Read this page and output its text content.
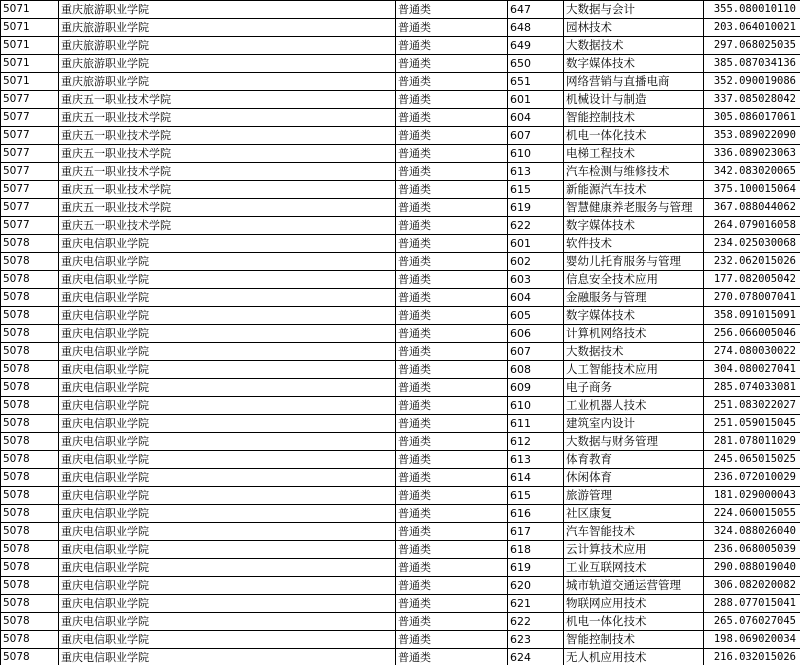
5071	重庆旅游职业学院	普通类	647	大数据与会计	355.080010110
5071	重庆旅游职业学院	普通类	648	园林技术	203.064010021
5071	重庆旅游职业学院	普通类	649	大数据技术	297.068025035
5071	重庆旅游职业学院	普通类	650	数字媒体技术	385.087034136
5071	重庆旅游职业学院	普通类	651	网络营销与直播电商	352.090019086
5077	重庆五一职业技术学院	普通类	601	机械设计与制造	337.085028042
5077	重庆五一职业技术学院	普通类	604	智能控制技术	305.086017061
5077	重庆五一职业技术学院	普通类	607	机电一体化技术	353.089022090
5077	重庆五一职业技术学院	普通类	610	电梯工程技术	336.089023063
5077	重庆五一职业技术学院	普通类	613	汽车检测与维修技术	342.083020065
5077	重庆五一职业技术学院	普通类	615	新能源汽车技术	375.100015064
5077	重庆五一职业技术学院	普通类	619	智慧健康养老服务与管理	367.088044062
5077	重庆五一职业技术学院	普通类	622	数字媒体技术	264.079016058
5078	重庆电信职业学院	普通类	601	软件技术	234.025030068
5078	重庆电信职业学院	普通类	602	婴幼儿托育服务与管理	232.062015026
5078	重庆电信职业学院	普通类	603	信息安全技术应用	177.082005042
5078	重庆电信职业学院	普通类	604	金融服务与管理	270.078007041
5078	重庆电信职业学院	普通类	605	数字媒体技术	358.091015091
5078	重庆电信职业学院	普通类	606	计算机网络技术	256.066005046
5078	重庆电信职业学院	普通类	607	大数据技术	274.080030022
5078	重庆电信职业学院	普通类	608	人工智能技术应用	304.080027041
5078	重庆电信职业学院	普通类	609	电子商务	285.074033081
5078	重庆电信职业学院	普通类	610	工业机器人技术	251.083022027
5078	重庆电信职业学院	普通类	611	建筑室内设计	251.059015045
5078	重庆电信职业学院	普通类	612	大数据与财务管理	281.078011029
5078	重庆电信职业学院	普通类	613	体育教育	245.065015025
5078	重庆电信职业学院	普通类	614	休闲体育	236.072010029
5078	重庆电信职业学院	普通类	615	旅游管理	181.029000043
5078	重庆电信职业学院	普通类	616	社区康复	224.060015055
5078	重庆电信职业学院	普通类	617	汽车智能技术	324.088026040
5078	重庆电信职业学院	普通类	618	云计算技术应用	236.068005039
5078	重庆电信职业学院	普通类	619	工业互联网技术	290.088019040
5078	重庆电信职业学院	普通类	620	城市轨道交通运营管理	306.082020082
5078	重庆电信职业学院	普通类	621	物联网应用技术	288.077015041
5078	重庆电信职业学院	普通类	622	机电一体化技术	265.076027045
5078	重庆电信职业学院	普通类	623	智能控制技术	198.069020034
5078	重庆电信职业学院	普通类	624	无人机应用技术	216.032015026
